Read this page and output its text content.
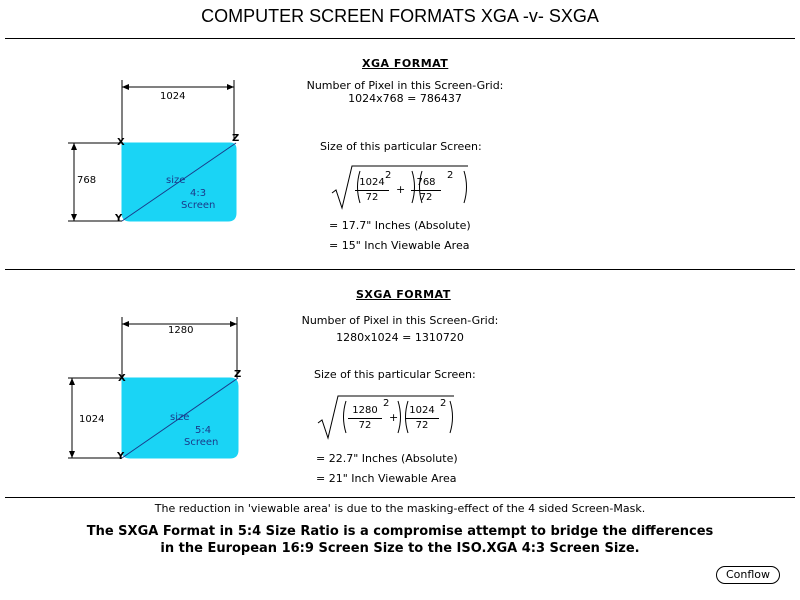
COMPUTER SCREEN FORMATS XGA -v- SXGA
XGA FORMAT
Number of Pixel in this Screen-Grid:
1024x768 = 786437
Size of this particular Screen:
1024
72
2
+
768
72
2
= 17.7" Inches (Absolute)
= 15" Inch Viewable Area
1024
768
X
Y
Z
size
4:3
Screen
SXGA FORMAT
Number of Pixel in this Screen-Grid:
1280x1024 = 1310720
Size of this particular Screen:
1280
72
2
+
1024
72
2
= 22.7" Inches (Absolute)
= 21" Inch Viewable Area
1280
1024
X
Y
Z
size
5:4
Screen
The reduction in 'viewable area' is due to the masking-effect of the 4 sided Screen-Mask.
The SXGA Format in 5:4 Size Ratio is a compromise attempt to bridge the differences
in the European 16:9 Screen Size to the ISO.XGA 4:3 Screen Size.
Conflow
